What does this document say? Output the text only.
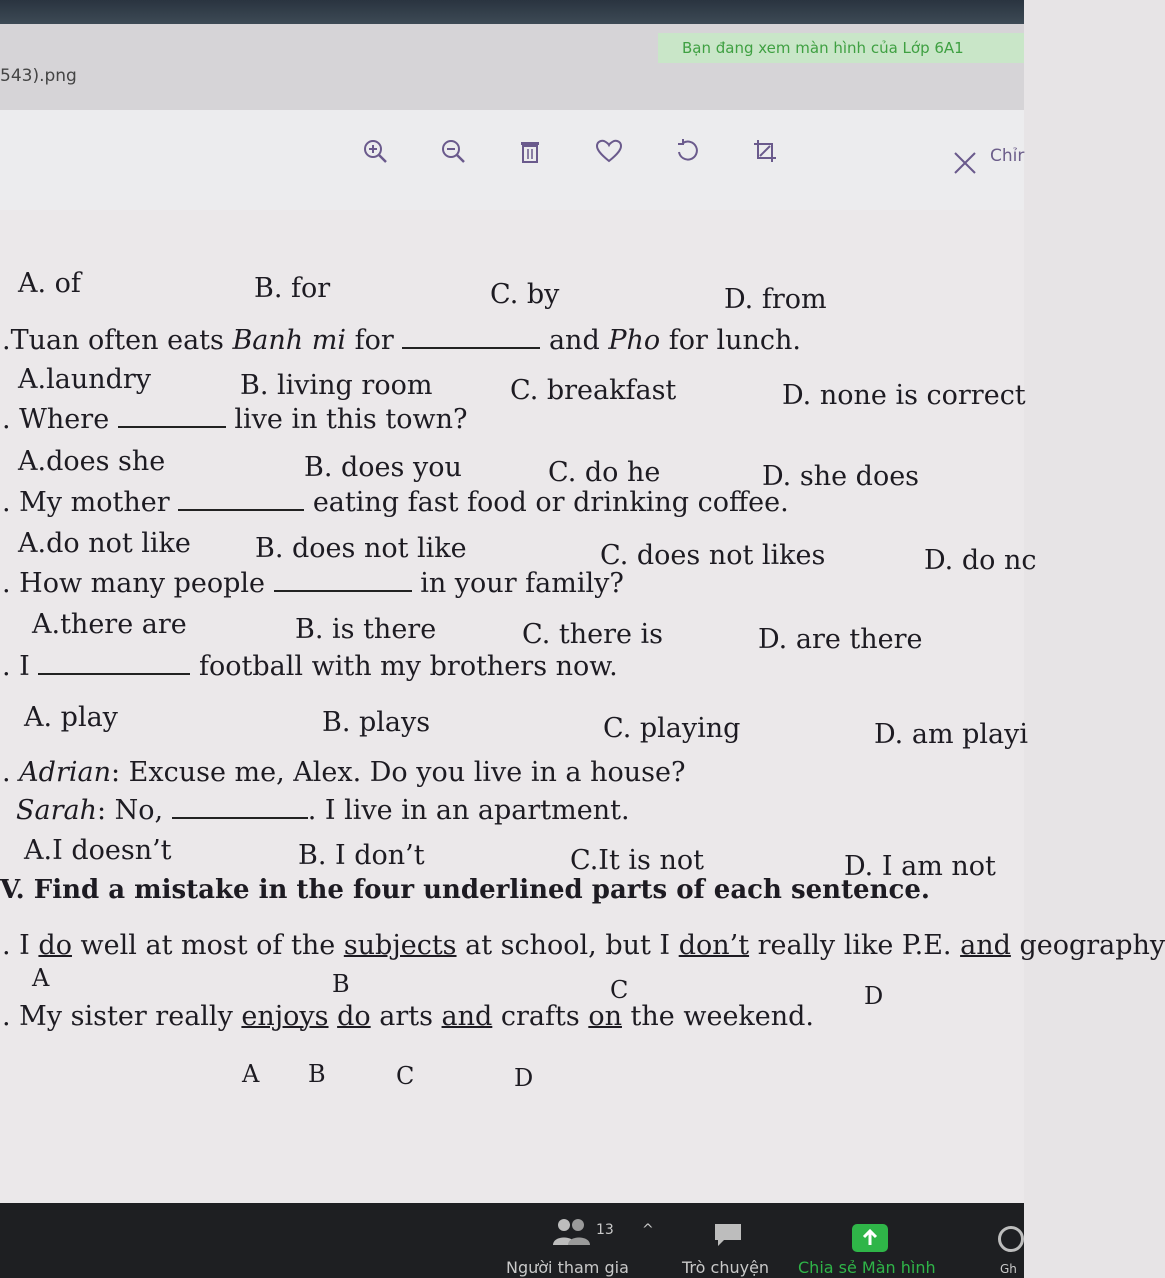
Bạn đang xem màn hình của Lớp 6A1
543).png
Chỉr
A. of	B. for	C. by	D. from
.Tuan often eats Banh mi for	and Pho for lunch.
A.laundry	B. living room	C. breakfast	D. none is correct
. Where	live in this town?
A.does she	B. does you	C. do he	D. she does
. My mother	eating fast food or drinking coffee.
A.do not like B. does not like	C. does not likes	D. do nc
. How many people	in your family?
A.there are	B. is there	C. there is	D. are there
. I	football with my brothers now.
A. play	B. plays	C. playing	D. am playi
. Adrian: Excuse me, Alex. Do you live in a house?
Sarah: No,	. I live in an apartment.
A.I doesn’t	B. I don’t	C.It is not	D. I am not
V. Find a mistake in the four underlined parts of each sentence.
. I do well at most of the subjects at school, but I don’t really like P.E. and geography
A	B	C	D
. My sister really enjoys do arts and crafts on the weekend.
A B	C	D
13 ^
Người tham gia	Trò chuyện Chia sẻ Màn hình	Gh
